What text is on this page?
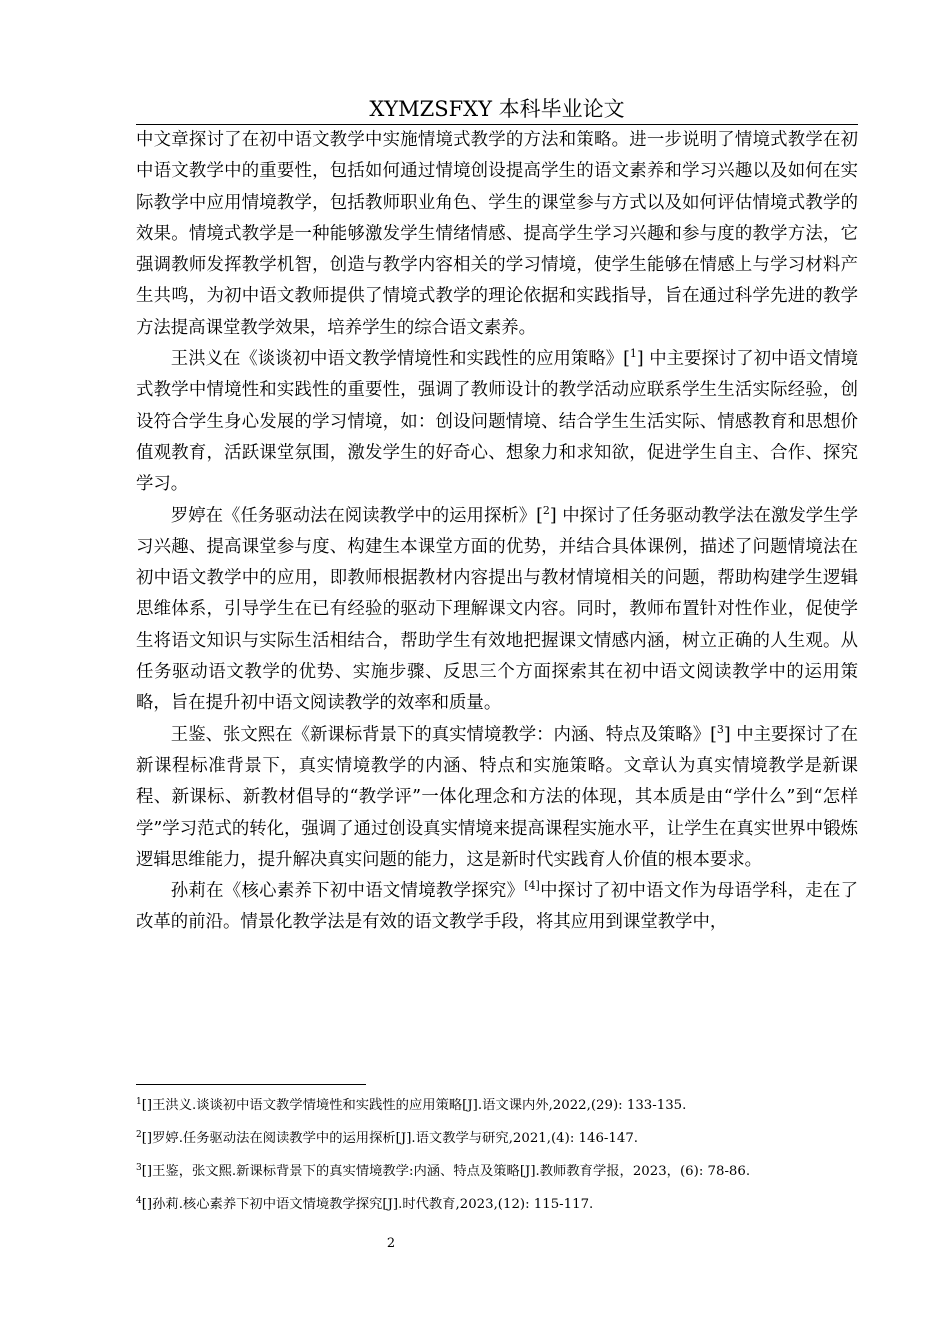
XYMZSFXY 本科毕业论文

中文章探讨了在初中语文教学中实施情境式教学的方法和策略。进一步说明了情境式教学在初中语文教学中的重要性，包括如何通过情境创设提高学生的语文素养和学习兴趣以及如何在实际教学中应用情境教学，包括教师职业角色、学生的课堂参与方式以及如何评估情境式教学的效果。情境式教学是一种能够激发学生情绪情感、提高学生学习兴趣和参与度的教学方法，它强调教师发挥教学机智，创造与教学内容相关的学习情境，使学生能够在情感上与学习材料产生共鸣，为初中语文教师提供了情境式教学的理论依据和实践指导，旨在通过科学先进的教学方法提高课堂教学效果，培养学生的综合语文素养。

王洪义在《谈谈初中语文教学情境性和实践性的应用策略》[$^1$] 中主要探讨了初中语文情境式教学中情境性和实践性的重要性，强调了教师设计的教学活动应联系学生生活实际经验，创设符合学生身心发展的学习情境，如：创设问题情境、结合学生生活实际、情感教育和思想价值观教育，活跃课堂氛围，激发学生的好奇心、想象力和求知欲，促进学生自主、合作、探究学习。

罗婷在《任务驱动法在阅读教学中的运用探析》[$^2$] 中探讨了任务驱动教学法在激发学生学习兴趣、提高课堂参与度、构建生本课堂方面的优势，并结合具体课例，描述了问题情境法在初中语文教学中的应用，即教师根据教材内容提出与教材情境相关的问题，帮助构建学生逻辑思维体系，引导学生在已有经验的驱动下理解课文内容。同时，教师布置针对性作业，促使学生将语文知识与实际生活相结合，帮助学生有效地把握课文情感内涵，树立正确的人生观。从任务驱动语文教学的优势、实施步骤、反思三个方面探索其在初中语文阅读教学中的运用策略，旨在提升初中语文阅读教学的效率和质量。

王鉴、张文熙在《新课标背景下的真实情境教学：内涵、特点及策略》[$^3$] 中主要探讨了在新课程标准背景下，真实情境教学的内涵、特点和实施策略。文章认为真实情境教学是新课程、新课标、新教材倡导的“教学评”一体化理念和方法的体现，其本质是由“学什么”到“怎样学”学习范式的转化，强调了通过创设真实情境来提高课程实施水平，让学生在真实世界中锻炼逻辑思维能力，提升解决真实问题的能力，这是新时代实践育人价值的根本要求。

孙莉在《核心素养下初中语文情境教学探究》[4]中探讨了初中语文作为母语学科，走在了改革的前沿。情景化教学法是有效的语文教学手段，将其应用到课堂教学中，

$^1$[]王洪义.谈谈初中语文教学情境性和实践性的应用策略[J].语文课内外,2022,(29): 133-135.

$^2$[]罗婷.任务驱动法在阅读教学中的运用探析[J].语文教学与研究,2021,(4): 146-147.

$^3$[]王鉴，张文熙.新课标背景下的真实情境教学:内涵、特点及策略[J].教师教育学报，2023，(6): 78-86.

$^4$[]孙莉.核心素养下初中语文情境教学探究[J].时代教育,2023,(12): 115-117.

2
